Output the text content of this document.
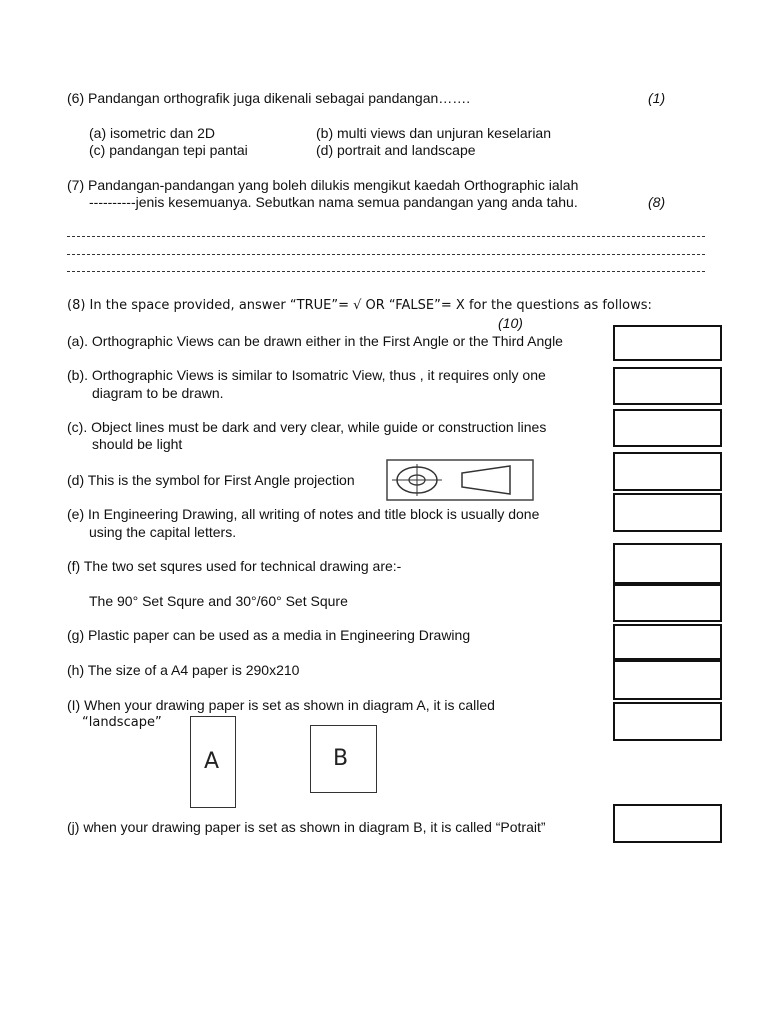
(6) Pandangan orthografik juga dikenali sebagai pandangan…….	(1)
(a) isometric dan 2D	(b) multi views dan unjuran keselarian
(c) pandangan tepi pantai	(d) portrait and landscape
(7) Pandangan-pandangan yang boleh dilukis mengikut kaedah Orthographic ialah
----------jenis kesemuanya. Sebutkan nama semua pandangan yang anda tahu.	(8)
(8) In the space provided, answer “TRUE”= √ OR “FALSE”= X for the questions as follows:
(10)
(a). Orthographic Views can be drawn either in the First Angle or the Third Angle
(b). Orthographic Views is similar to Isomatric View, thus , it requires only one
diagram to be drawn.
(c). Object lines must be dark and very clear, while guide or construction lines
should be light
(d) This is the symbol for First Angle projection
(e) In Engineering Drawing, all writing of notes and title block is usually done
using the capital letters.
(f) The two set squres used for technical drawing are:-
The 90° Set Squre and 30°/60° Set Squre
(g) Plastic paper can be used as a media in Engineering Drawing
(h) The size of a A4 paper is 290x210
(I) When your drawing paper is set as shown in diagram A, it is called
“landscape”
A	B
(j) when your drawing paper is set as shown in diagram B, it is called “Potrait”
